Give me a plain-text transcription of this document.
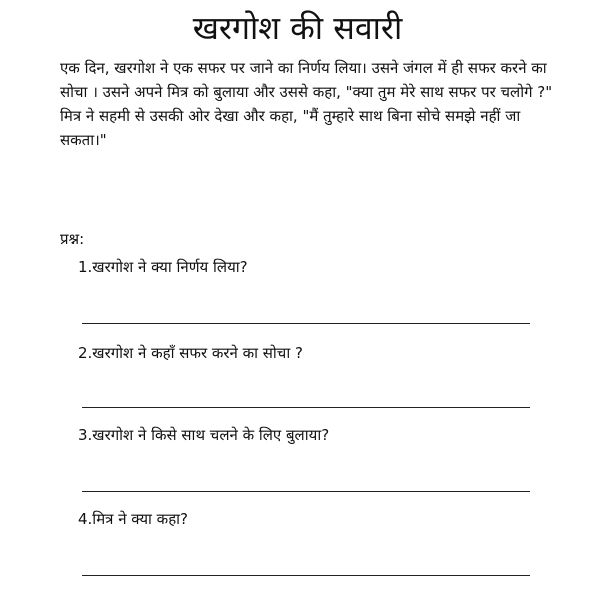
खरगोश की सवारी

एक दिन, खरगोश ने एक सफर पर जाने का निर्णय लिया। उसने जंगल में ही सफर करने का सोचा । उसने अपने मित्र को बुलाया और उससे कहा, "क्या तुम मेरे साथ सफर पर चलोगे ?" मित्र ने सहमी से उसकी ओर देखा और कहा, "मैं तुम्हारे साथ बिना सोचे समझे नहीं जा सकता।"

प्रश्न:

1.खरगोश ने क्या निर्णय लिया?

2.खरगोश ने कहाँ सफर करने का सोचा ?

3.खरगोश ने किसे साथ चलने के लिए बुलाया?

4.मित्र ने क्या कहा?
